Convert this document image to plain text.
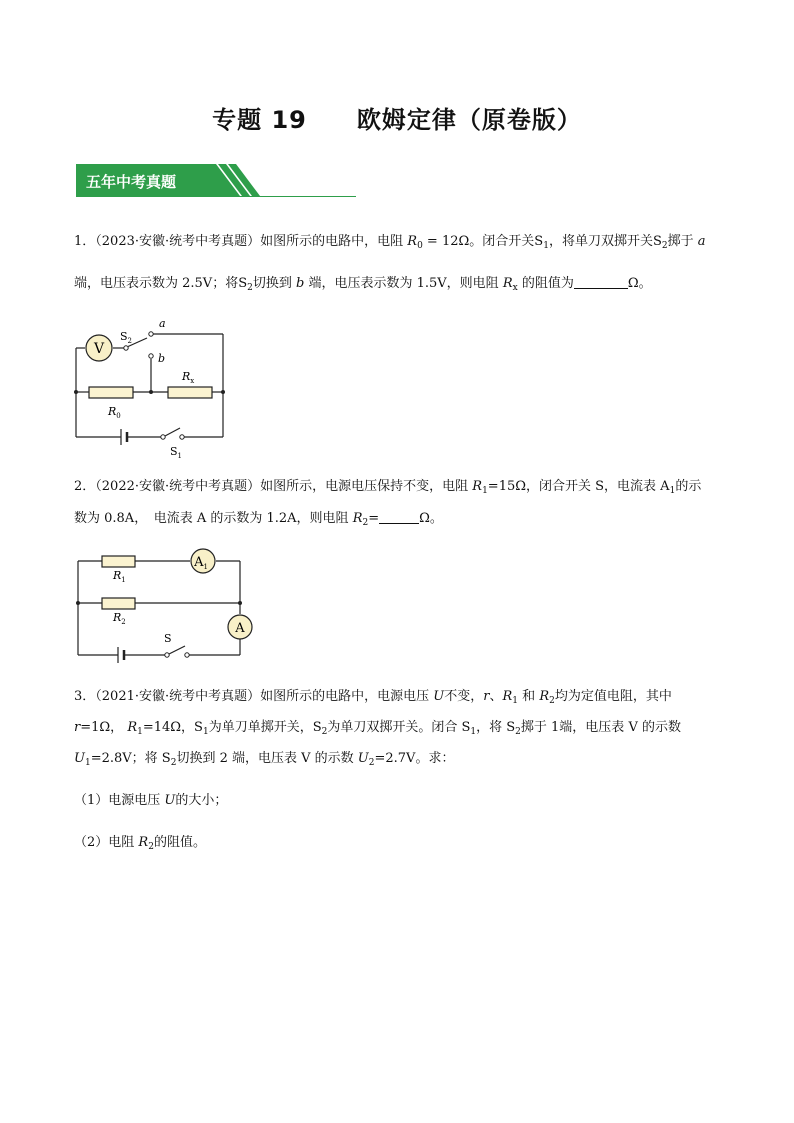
专题 19　　欧姆定律（原卷版）
五年中考真题
1．（2023·安徽·统考中考真题）如图所示的电路中，电阻 $R_0 = 12\Omega$。闭合开关$S_1$，将单刀双掷开关$S_2$掷于 a
端，电压表示数为 2.5V；将$S_2$切换到 b 端，电压表示数为 1.5V，则电阻 $R_x$ 的阻值为	Ω。
V
$S_2$
a
b
$R_x$
$R_0$
$S_1$
2．（2022·安徽·统考中考真题）如图所示，电源电压保持不变，电阻 $R_1=15\Omega$，闭合开关 S，电流表 $A_1$的示
数为 0.8A，　电流表 A 的示数为 1.2A，则电阻 $R_2=$	Ω。
$A_1$
A
$R_1$
$R_2$
S
3．（2021·安徽·统考中考真题）如图所示的电路中，电源电压 U不变，r、$R_1$ 和 $R_2$均为定值电阻，其中
r=1Ω， $R_1=14\Omega$，$S_1$为单刀单掷开关，$S_2$为单刀双掷开关。闭合 $S_1$，将 $S_2$掷于 1端，电压表 V 的示数
$U_1=2.8V$；将 $S_2$切换到 2 端，电压表 V 的示数 $U_2=2.7V$。求：
（1）电源电压 U的大小；
（2）电阻 $R_2$的阻值。
